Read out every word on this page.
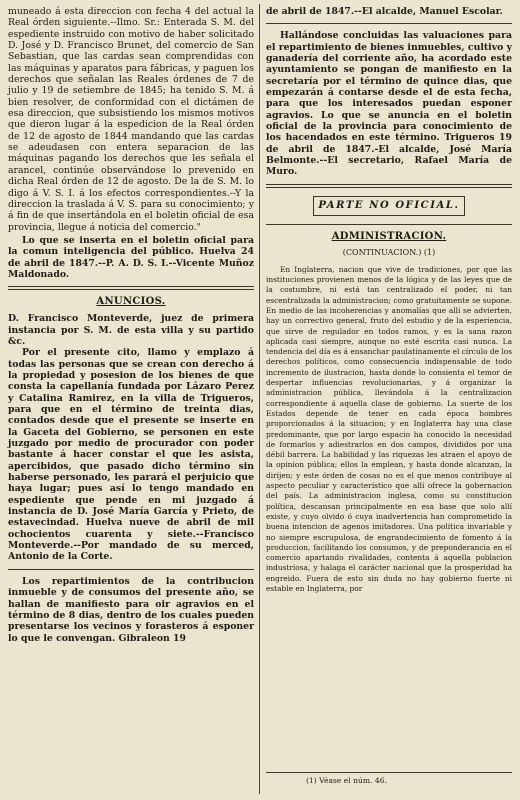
muneado á esta direccion con fecha 4 del actual la Real órden siguiente.--Ilmo. Sr.: Enterada S. M. del espediente instruido con motivo de haber solicitado D. José y D. Francisco Brunet, del comercio de San Sebastian, que las cardas sean comprendidas con las máquinas y aparatos para fábricas, y paguen los derechos que señalan las Reales órdenes de 7 de julio y 19 de setiembre de 1845; ha tenido S. M. á bien resolver, de conformidad con el dictámen de esa direccion, que subsistiendo los mismos motivos que dieron lugar á la espedicion de la Real órden de 12 de agosto de 1844 mandando que las cardas se adeudasen con entera separacion de las máquinas pagando los derechos que les señala el arancel, continúe observándose lo prevenido en dicha Real órden de 12 de agosto. De la de S. M. lo digo á V. S. I. á los efectos correspondientes.--Y la direccion la traslada á V. S. para su conocimiento; y á fin de que insertándola en el boletin oficial de esa provincia, llegue á noticia del comercio."

Lo que se inserta en el boletin oficial para la comun inteligencia del público. Huelva 24 de abril de 1847.--P. A. D. S. I.--Vicente Muñoz Maldonado.

ANUNCIOS.

D. Francisco Monteverde, juez de primera instancia por S. M. de esta villa y su partido &c.

Por el presente cito, llamo y emplazo á todas las personas que se crean con derecho á la propiedad y posesion de los bienes de que consta la capellanía fundada por Lázaro Perez y Catalina Ramirez, en la villa de Trigueros, para que en el término de treinta dias, contados desde que el presente se inserte en la Gaceta del Gobierno, se personen en este juzgado por medio de procurador con poder bastante á hacer constar el que les asista, apercibidos, que pasado dicho término sin haberse personado, les parará el perjuicio que haya lugar; pues así lo tengo mandado en espediente que pende en mi juzgado á instancia de D. José María García y Prieto, de estavecindad. Huelva nueve de abril de mil ochocientos cuarenta y siete.--Francisco Monteverde.--Por mandado de su merced, Antonio de la Corte.

Los repartimientos de la contribucion inmueble y de consumos del presente año, se hallan de manifiesto para oir agravios en el término de 8 dias, dentro de los cuales pueden presentarse los vecinos y forasteros á esponer lo que le convengan. Gibraleon 19

de abril de 1847.--El alcalde, Manuel Escolar.

Hallándose concluidas las valuaciones para el repartimiento de bienes inmuebles, cultivo y ganadería del corriente año, ha acordado este ayuntamiento se pongan de manifiesto en la secretaría por el término de quince dias, que empezarán á contarse desde el de esta fecha, para que los interesados puedan esponer agravios. Lo que se anuncia en el boletin oficial de la provincia para conocimiento de los hacendados en este término. Trigueros 19 de abril de 1847.-El alcalde, José María Belmonte.--El secretario, Rafael María de Muro.

PARTE NO OFICIAL.
ADMINISTRACION.
(CONTINUACION.) (1)

En Inglaterra, nacion que vive de tradiciones, por que las instituciones provienen menos de la lógica y de las leyes que de la costumbre, ni está tan centralizado el poder, ni tan escentralizada la administracion; como gratuitamente se supone. En medio de las incoherencias y anomalías que allí se advierten, hay un correctivo general, fruto del estudio y de la esperiencia, que sirve de regulador en todos ramos, y es la sana razon aplicada casi siempre, aunque no esté escrita casi nunca. La tendencia del día es á ensanchar paulatinamente el círculo de los derechos políticos, como consecuencia indispensable de todo incremento de ilustracion, hasta donde lo consienta el temor de despertar influencias revolucionarias, y á organizar la administracion pública, llevándola á la centralizacion correspondiente á aquella clase de gobierno. La suerte de los Estados depende de tener en cada época hombres proporcionados á la situacion; y en Inglaterra hay una clase predominante, que por largo espacio ha conocido la necesidad de formarlos y adiestrarlos en dos campos, divididos por una débil barrera. La habilidad y las riquezas les atraen el apoyo de la opinion pública; ellos la emplean, y hasta donde alcanzan, la dirijen; y este órden de cosas no es el que menos contribuye al aspecto peculiar y característico que allí ofrece la gobernacion del país. La administracion inglesa, como su constitucion política, descansan principalmente en esa base que solo allí existe, y cuyo olvido ó cuya inadvertencia han comprometido la buena intencion de agenos imitadores. Una política invariable y no siempre escrupulosa, de engrandecimiento de fomento á la produccion, facilitando los consumos, y de preponderancia en el comercio apartando rivalidades, contenta á aquella poblacion industriosa, y halaga el carácter nacional que la prosperidad ha engreido. Fuera de esto sin duda no hay gobierno fuerte ni estable en Inglaterra, por

(1) Véase el núm. 46.
